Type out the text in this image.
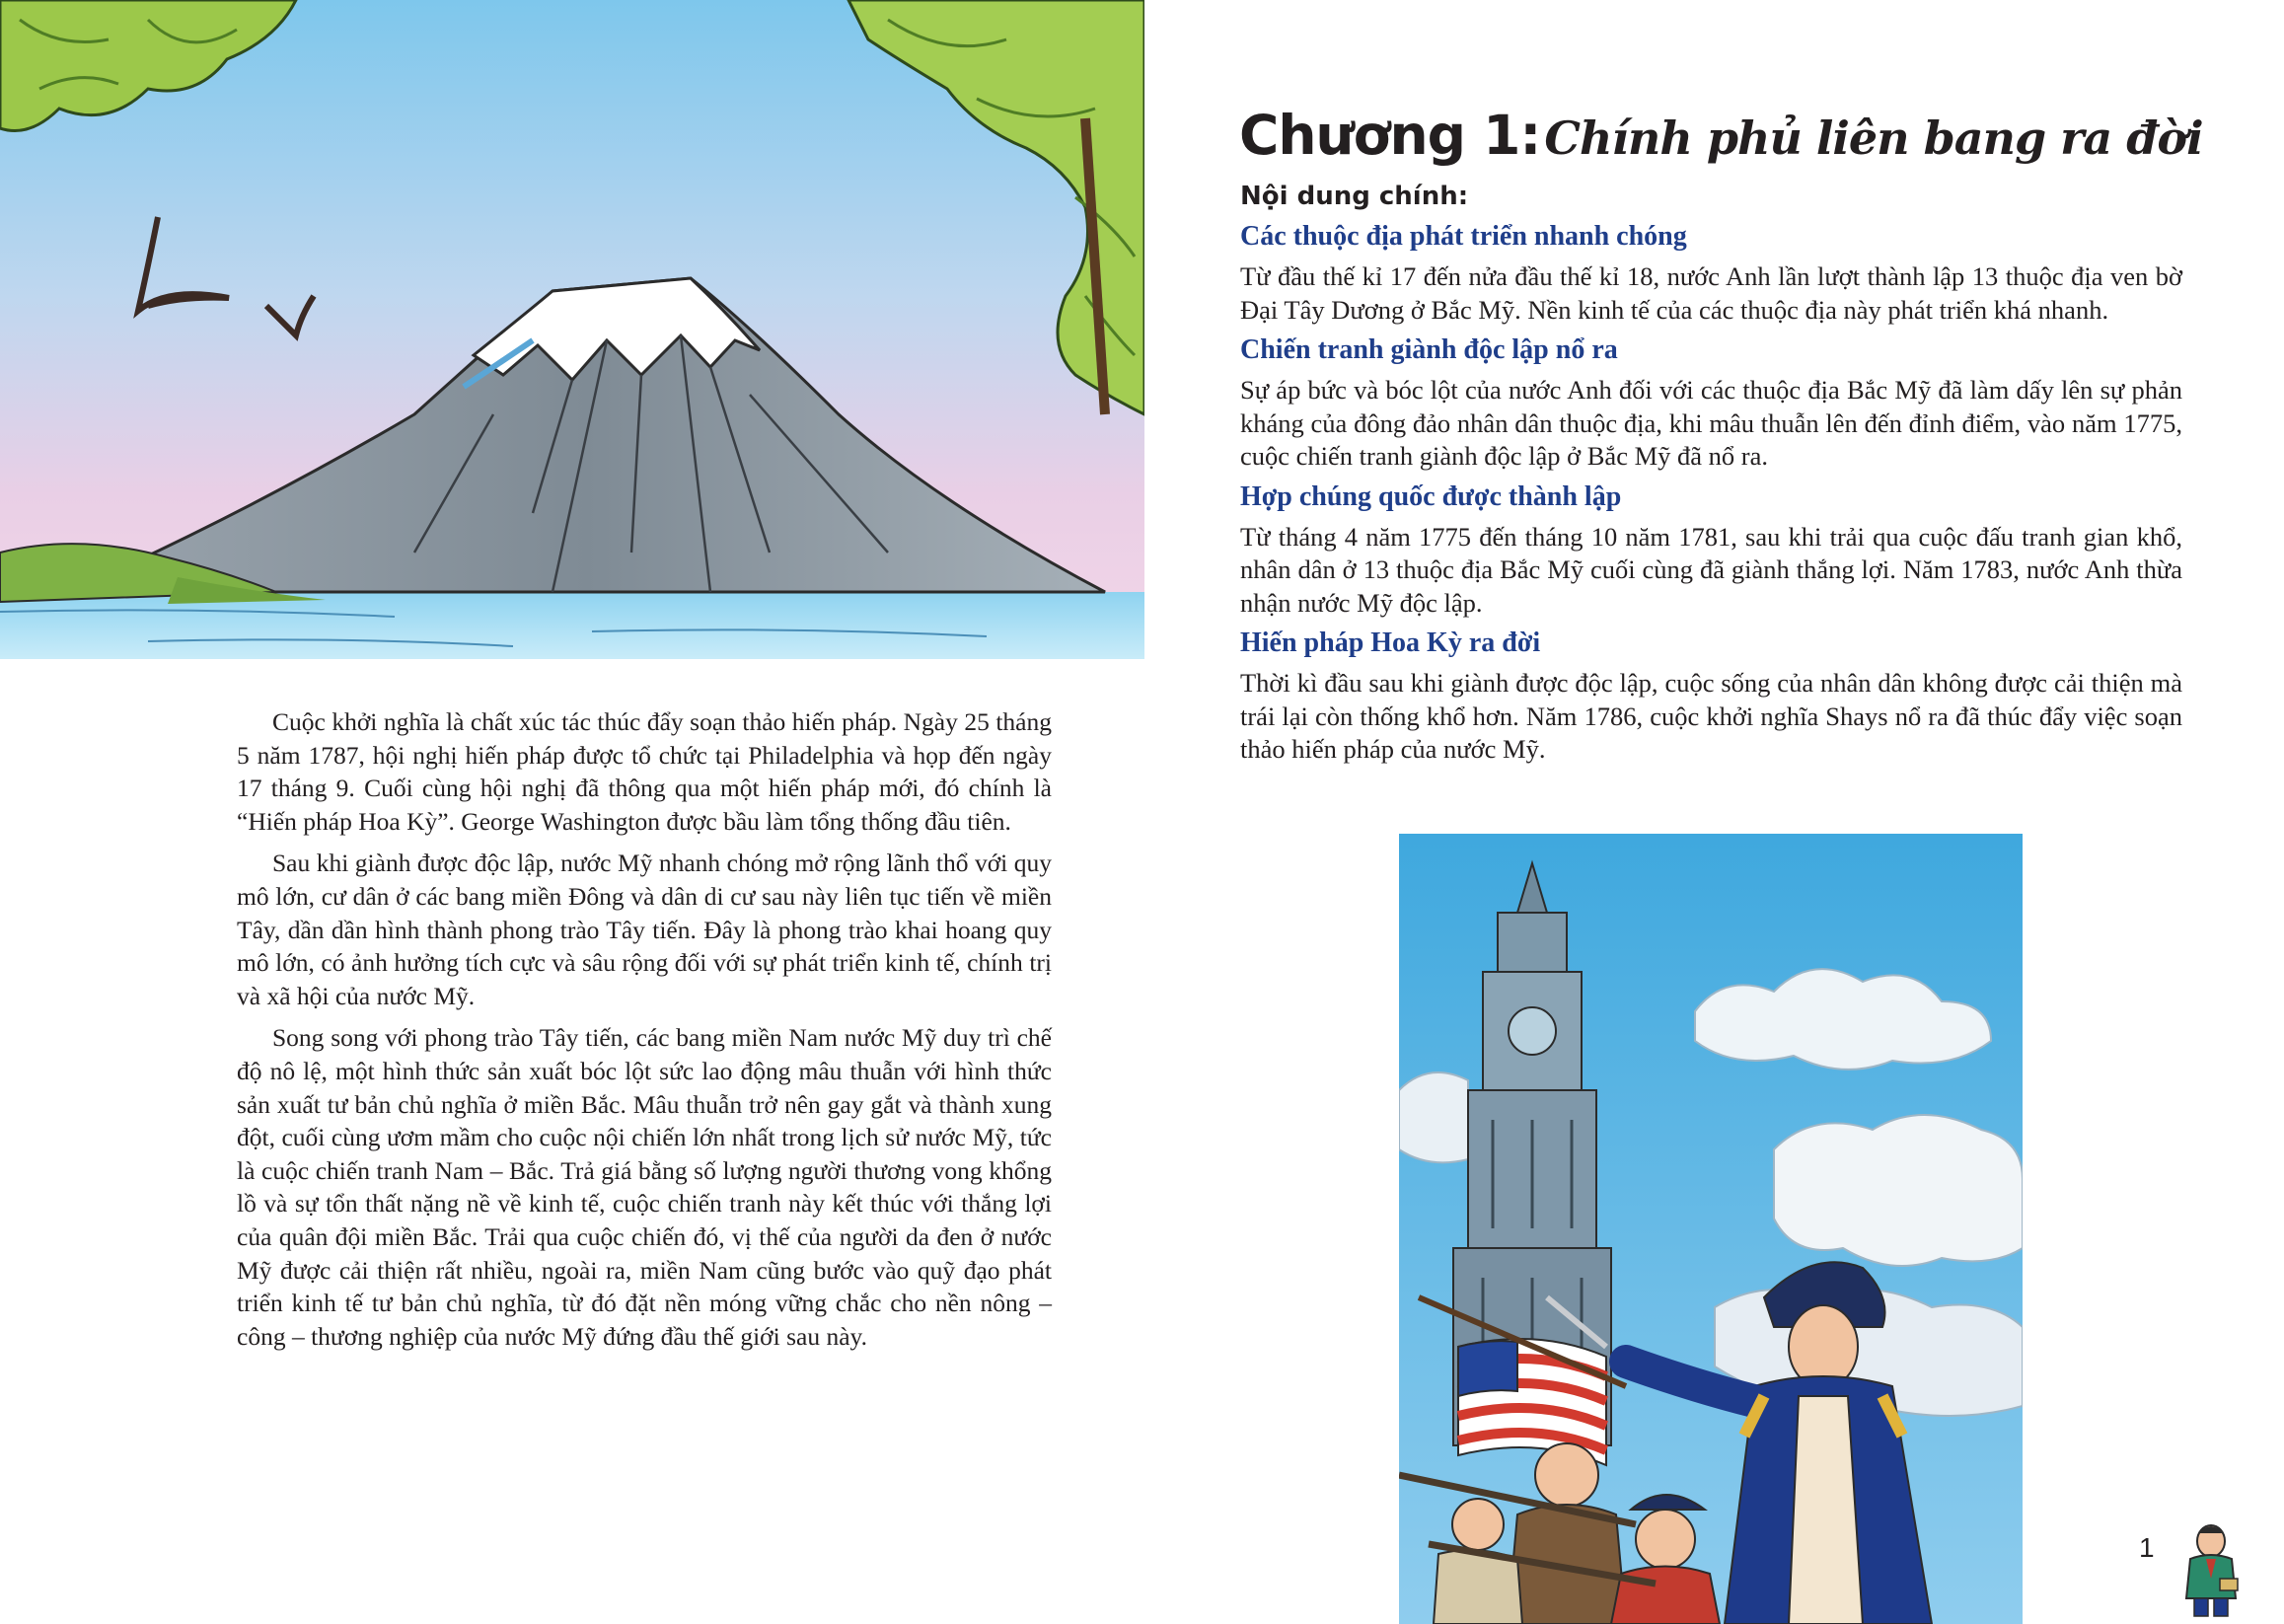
Cuộc khởi nghĩa là chất xúc tác thúc đẩy soạn thảo hiến pháp. Ngày 25 tháng 5 năm 1787, hội nghị hiến pháp được tổ chức tại Philadelphia và họp đến ngày 17 tháng 9. Cuối cùng hội nghị đã thông qua một hiến pháp mới, đó chính là “Hiến pháp Hoa Kỳ”. George Washington được bầu làm tổng thống đầu tiên.

Sau khi giành được độc lập, nước Mỹ nhanh chóng mở rộng lãnh thổ với quy mô lớn, cư dân ở các bang miền Đông và dân di cư sau này liên tục tiến về miền Tây, dần dần hình thành phong trào Tây tiến. Đây là phong trào khai hoang quy mô lớn, có ảnh hưởng tích cực và sâu rộng đối với sự phát triển kinh tế, chính trị và xã hội của nước Mỹ.

Song song với phong trào Tây tiến, các bang miền Nam nước Mỹ duy trì chế độ nô lệ, một hình thức sản xuất bóc lột sức lao động mâu thuẫn với hình thức sản xuất tư bản chủ nghĩa ở miền Bắc. Mâu thuẫn trở nên gay gắt và thành xung đột, cuối cùng ươm mầm cho cuộc nội chiến lớn nhất trong lịch sử nước Mỹ, tức là cuộc chiến tranh Nam – Bắc. Trả giá bằng số lượng người thương vong khổng lồ và sự tổn thất nặng nề về kinh tế, cuộc chiến tranh này kết thúc với thắng lợi của quân đội miền Bắc. Trải qua cuộc chiến đó, vị thế của người da đen ở nước Mỹ được cải thiện rất nhiều, ngoài ra, miền Nam cũng bước vào quỹ đạo phát triển kinh tế tư bản chủ nghĩa, từ đó đặt nền móng vững chắc cho nền nông – công – thương nghiệp của nước Mỹ đứng đầu thế giới sau này.

Chương 1: Chính phủ liên bang ra đời
Nội dung chính:
Các thuộc địa phát triển nhanh chóng
Từ đầu thế kỉ 17 đến nửa đầu thế kỉ 18, nước Anh lần lượt thành lập 13 thuộc địa ven bờ Đại Tây Dương ở Bắc Mỹ. Nền kinh tế của các thuộc địa này phát triển khá nhanh.
Chiến tranh giành độc lập nổ ra
Sự áp bức và bóc lột của nước Anh đối với các thuộc địa Bắc Mỹ đã làm dấy lên sự phản kháng của đông đảo nhân dân thuộc địa, khi mâu thuẫn lên đến đỉnh điểm, vào năm 1775, cuộc chiến tranh giành độc lập ở Bắc Mỹ đã nổ ra.
Hợp chúng quốc được thành lập
Từ tháng 4 năm 1775 đến tháng 10 năm 1781, sau khi trải qua cuộc đấu tranh gian khổ, nhân dân ở 13 thuộc địa Bắc Mỹ cuối cùng đã giành thắng lợi. Năm 1783, nước Anh thừa nhận nước Mỹ độc lập.
Hiến pháp Hoa Kỳ ra đời
Thời kì đầu sau khi giành được độc lập, cuộc sống của nhân dân không được cải thiện mà trái lại còn thống khổ hơn. Năm 1786, cuộc khởi nghĩa Shays nổ ra đã thúc đẩy việc soạn thảo hiến pháp của nước Mỹ.
1
